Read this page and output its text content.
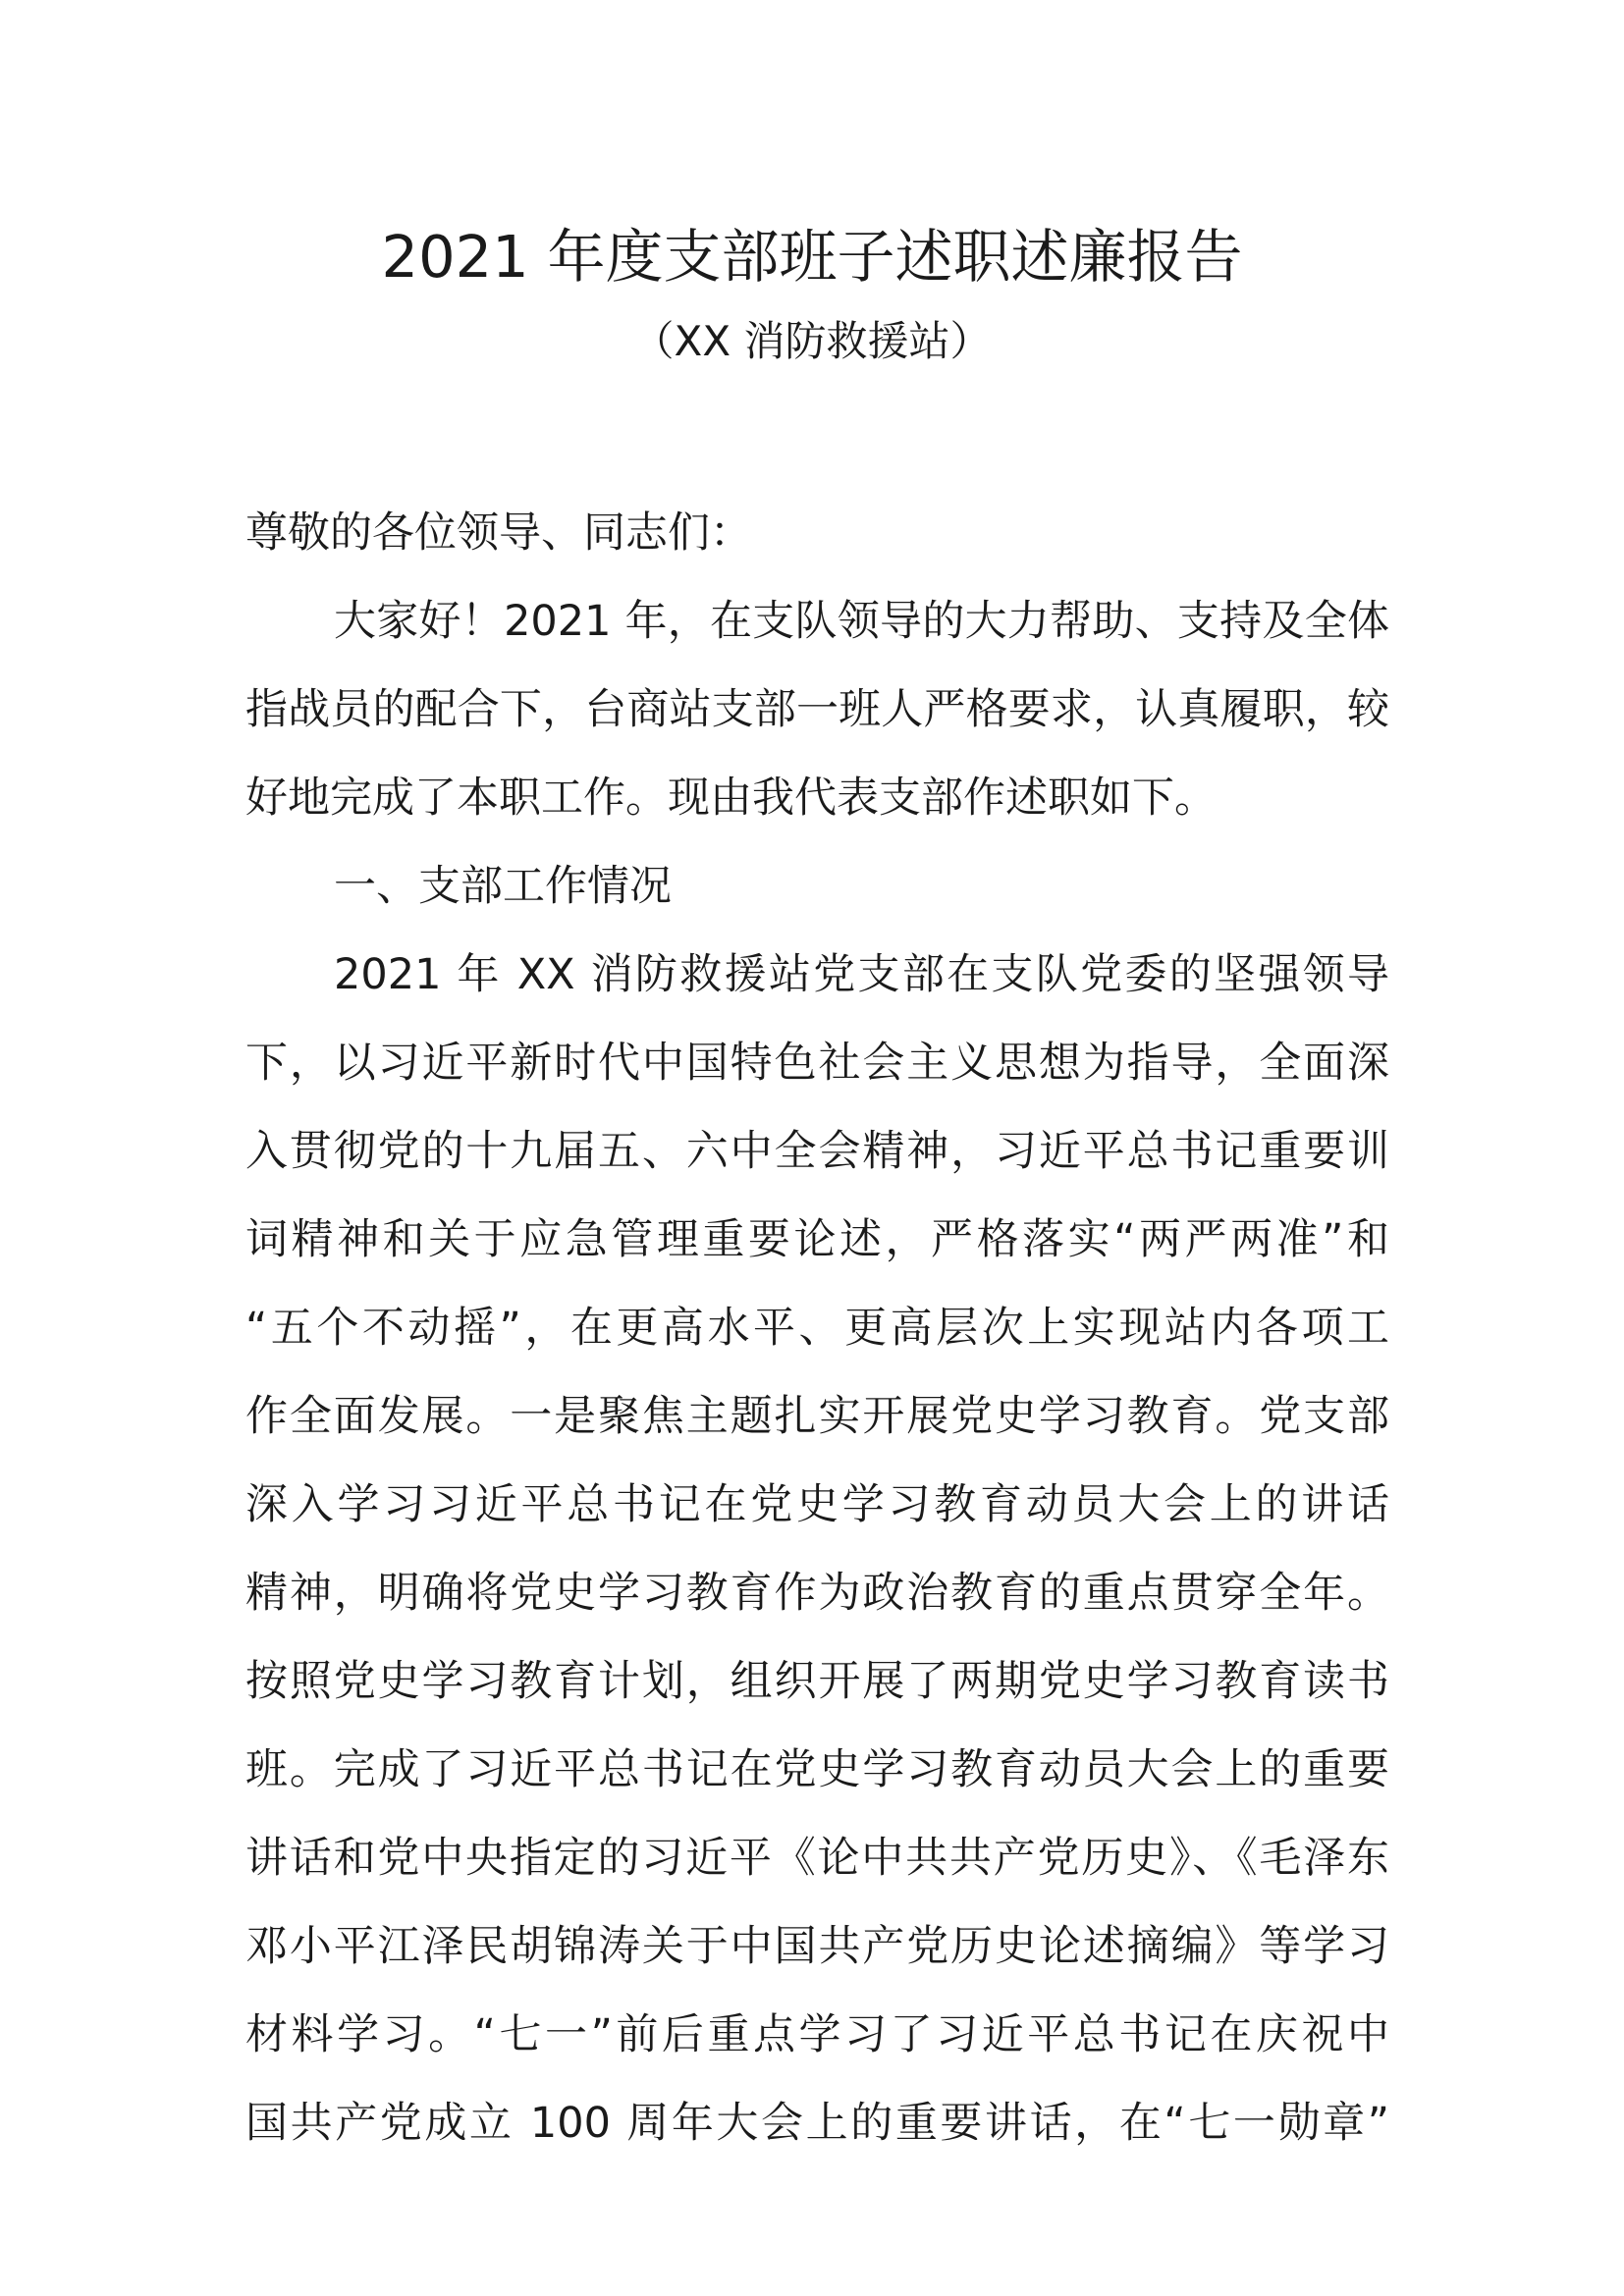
2021 年度支部班子述职述廉报告
（XX 消防救援站）
尊敬的各位领导、同志们：
大家好！2021 年，在支队领导的大力帮助、支持及全体
指战员的配合下，台商站支部一班人严格要求，认真履职，较
好地完成了本职工作。现由我代表支部作述职如下。
一、支部工作情况
2021 年 XX 消防救援站党支部在支队党委的坚强领导
下，以习近平新时代中国特色社会主义思想为指导，全面深
入贯彻党的十九届五、六中全会精神，习近平总书记重要训
词精神和关于应急管理重要论述，严格落实“两严两准”和
“五个不动摇”，在更高水平、更高层次上实现站内各项工
作全面发展。一是聚焦主题扎实开展党史学习教育。党支部
深入学习习近平总书记在党史学习教育动员大会上的讲话
精神，明确将党史学习教育作为政治教育的重点贯穿全年。
按照党史学习教育计划，组织开展了两期党史学习教育读书
班。完成了习近平总书记在党史学习教育动员大会上的重要
讲话和党中央指定的习近平《论中共共产党历史》、《毛泽东
邓小平江泽民胡锦涛关于中国共产党历史论述摘编》等学习
材料学习。“七一”前后重点学习了习近平总书记在庆祝中
国共产党成立 100 周年大会上的重要讲话，在“七一勋章”
